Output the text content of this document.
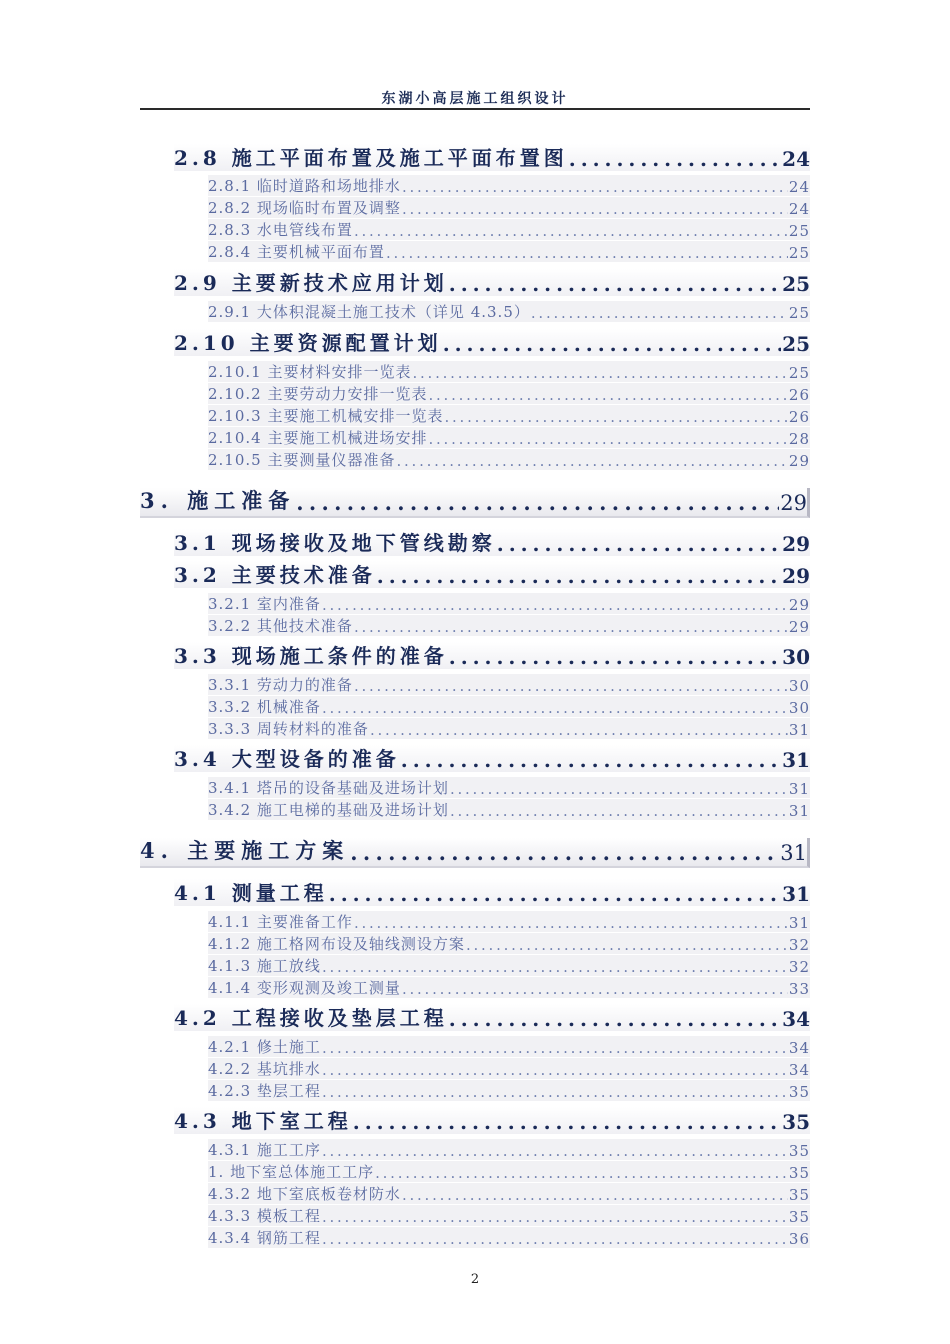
东湖小高层施工组织设计
2.8 施工平面布置及施工平面布置图 . . .	24
2.8.1 临时道路和场地排水 . . .	24
2.8.2 现场临时布置及调整 . . .	24
2.8.3 水电管线布置 . . .	25
2.8.4 主要机械平面布置 . . .	25
2.9 主要新技术应用计划 . . .	25
2.9.1 大体积混凝土施工技术（详见 4.3.5） . . .	25
2.10 主要资源配置计划 . . .	25
2.10.1 主要材料安排一览表 . . .	25
2.10.2 主要劳动力安排一览表 . . .	26
2.10.3 主要施工机械安排一览表 . . .	26
2.10.4 主要施工机械进场安排 . . .	28
2.10.5 主要测量仪器准备 . . .	29
3. 施工准备 . . .	29
3.1 现场接收及地下管线勘察 . . .	29
3.2 主要技术准备 . . .	29
3.2.1 室内准备 . . .	29
3.2.2 其他技术准备 . . .	29
3.3 现场施工条件的准备 . . .	30
3.3.1 劳动力的准备 . . .	30
3.3.2 机械准备 . . .	30
3.3.3 周转材料的准备 . . .	31
3.4 大型设备的准备 . . .	31
3.4.1 塔吊的设备基础及进场计划 . . .	31
3.4.2 施工电梯的基础及进场计划 . . .	31
4. 主要施工方案 . . .	31
4.1 测量工程 . . .	31
4.1.1 主要准备工作 . . .	31
4.1.2 施工格网布设及轴线测设方案 . . .	32
4.1.3 施工放线 . . .	32
4.1.4 变形观测及竣工测量 . . .	33
4.2 工程接收及垫层工程 . . .	34
4.2.1 修土施工 . . .	34
4.2.2 基坑排水 . . .	34
4.2.3 垫层工程 . . .	35
4.3 地下室工程 . . .	35
4.3.1 施工工序 . . .	35
1. 地下室总体施工工序 . . .	35
4.3.2 地下室底板卷材防水 . . .	35
4.3.3 模板工程 . . .	35
4.3.4 钢筋工程 . . .	36
2
